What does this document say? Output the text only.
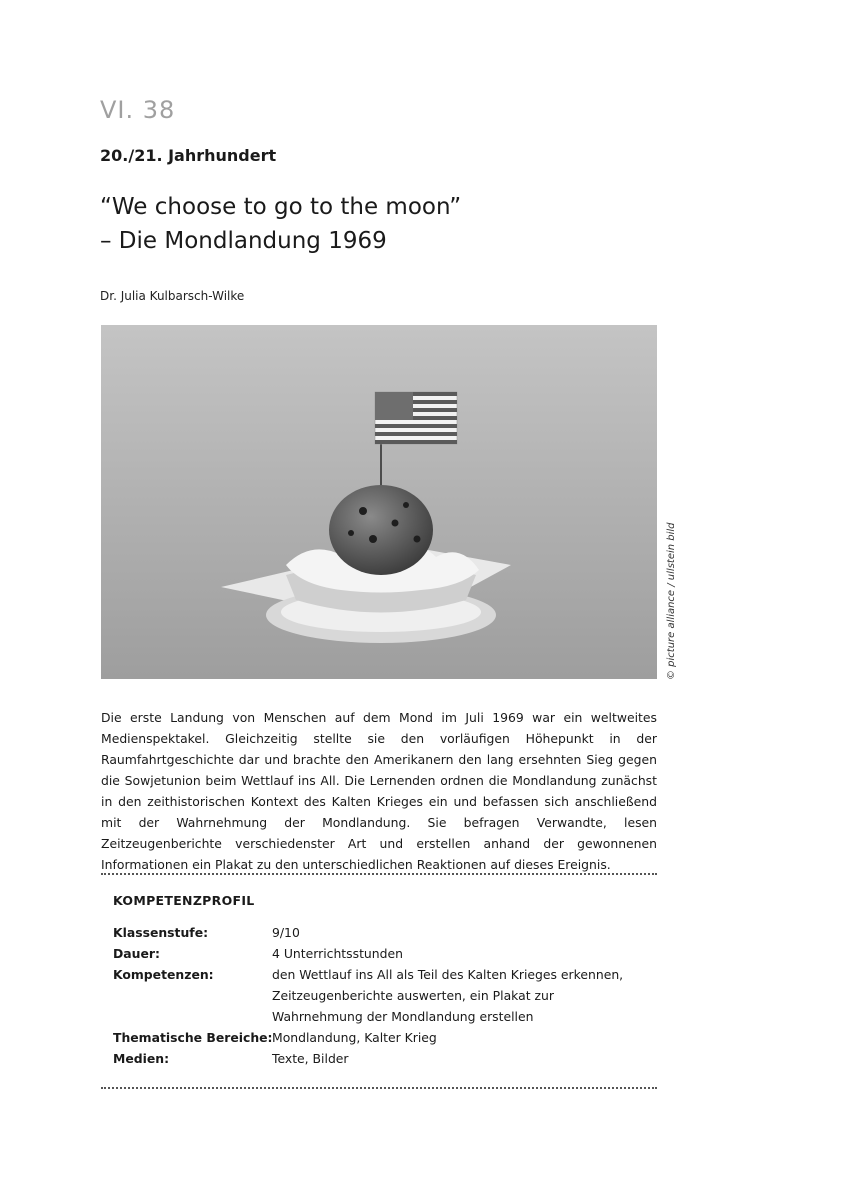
VI. 38
20./21. Jahrhundert
“We choose to go to the moon”
– Die Mondlandung 1969
Dr. Julia Kulbarsch-Wilke
© picture alliance / ullstein bild
Die erste Landung von Menschen auf dem Mond im Juli 1969 war ein weltweites Medienspektakel. Gleichzeitig stellte sie den vorläufigen Höhepunkt in der Raumfahrtgeschichte dar und brachte den Amerikanern den lang ersehnten Sieg gegen die Sowjetunion beim Wettlauf ins All. Die Lernenden ordnen die Mondlandung zunächst in den zeithistorischen Kontext des Kalten Krieges ein und befassen sich anschließend mit der Wahrnehmung der Mondlandung. Sie befragen Verwandte, lesen Zeitzeugenberichte verschiedenster Art und erstellen anhand der gewonnenen Informationen ein Plakat zu den unterschiedlichen Reaktionen auf dieses Ereignis.
KOMPETENZPROFIL
Klassenstufe:	9/10
Dauer:	4 Unterrichtsstunden
Kompetenzen:	den Wettlauf ins All als Teil des Kalten Krieges erkennen, Zeitzeugenberichte auswerten, ein Plakat zur Wahrnehmung der Mondlandung erstellen
Thematische Bereiche: Mondlandung, Kalter Krieg
Medien:	Texte, Bilder
